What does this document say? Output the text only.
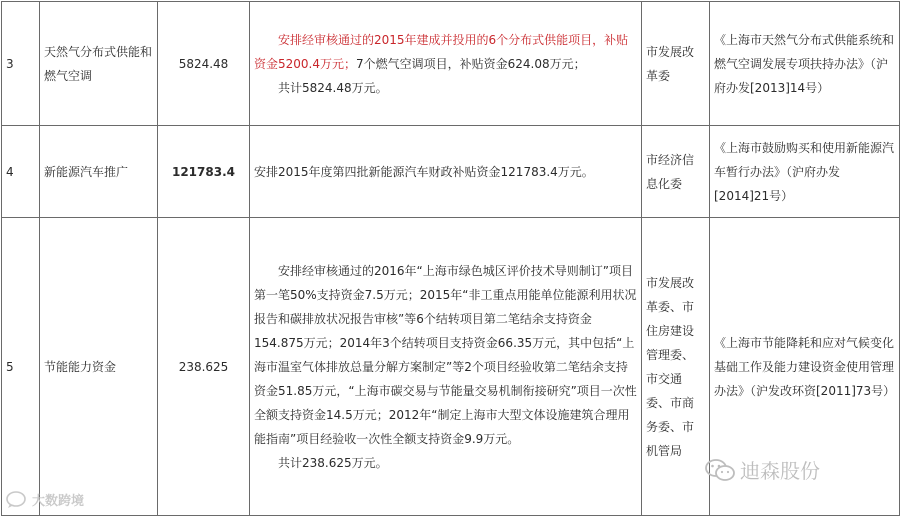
3	天然气分布式供能和燃气空调	5824.48	安排经审核通过的2015年建成并投用的6个分布式供能项目，补贴资金5200.4万元；7个燃气空调项目，补贴资金624.08万元；

共计5824.48万元。	市发展改革委	《上海市天然气分布式供能系统和燃气空调发展专项扶持办法》（沪府办发[2013]14号）
4	新能源汽车推广	121783.4	安排2015年度第四批新能源汽车财政补贴资金121783.4万元。	市经济信息化委	《上海市鼓励购买和使用新能源汽车暂行办法》（沪府办发[2014]21号）
5	节能能力资金	238.625	安排经审核通过的2016年“上海市绿色城区评价技术导则制订”项目第一笔50%支持资金7.5万元；2015年“非工重点用能单位能源利用状况报告和碳排放状况报告审核”等6个结转项目第二笔结余支持资金154.875万元；2014年3个结转项目支持资金66.35万元，其中包括“上海市温室气体排放总量分解方案制定”等2个项目经验收第二笔结余支持资金51.85万元，“上海市碳交易与节能量交易机制衔接研究”项目一次性全额支持资金14.5万元；2012年“制定上海市大型文体设施建筑合理用能指南”项目经验收一次性全额支持资金9.9万元。

共计238.625万元。	市发展改革委、市住房建设管理委、市交通委、市商务委、市机管局	《上海市节能降耗和应对气候变化基础工作及能力建设资金使用管理办法》（沪发改环资[2011]73号）
大数跨境
迪森股份
